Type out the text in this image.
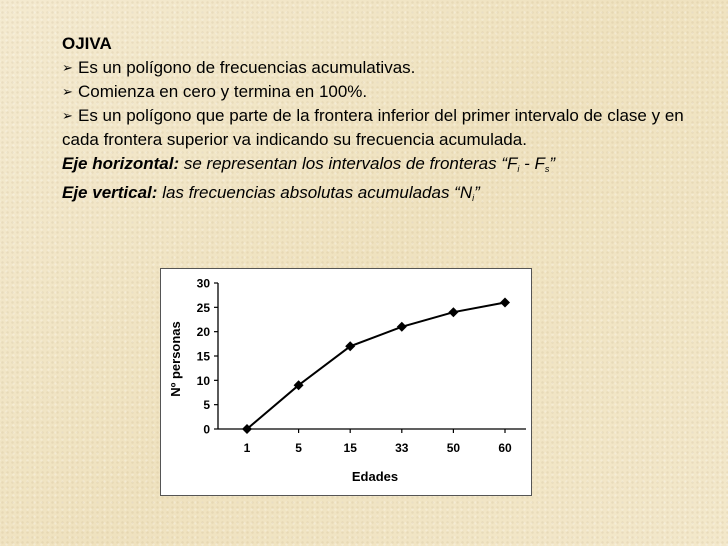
OJIVA
➢ Es un polígono de frecuencias acumulativas.
➢ Comienza en cero y termina en 100%.
➢ Es un polígono que parte de la frontera inferior del primer intervalo de clase y en cada frontera superior va indicando su frecuencia acumulada.
Eje horizontal: se representan los intervalos de fronteras “$F_i - F_s$”
Eje vertical: las frecuencias absolutas acumuladas “$N_i$”
0
5
10
15
20
25
30
1	5	15	33	50	60
Nº personas
Edades
